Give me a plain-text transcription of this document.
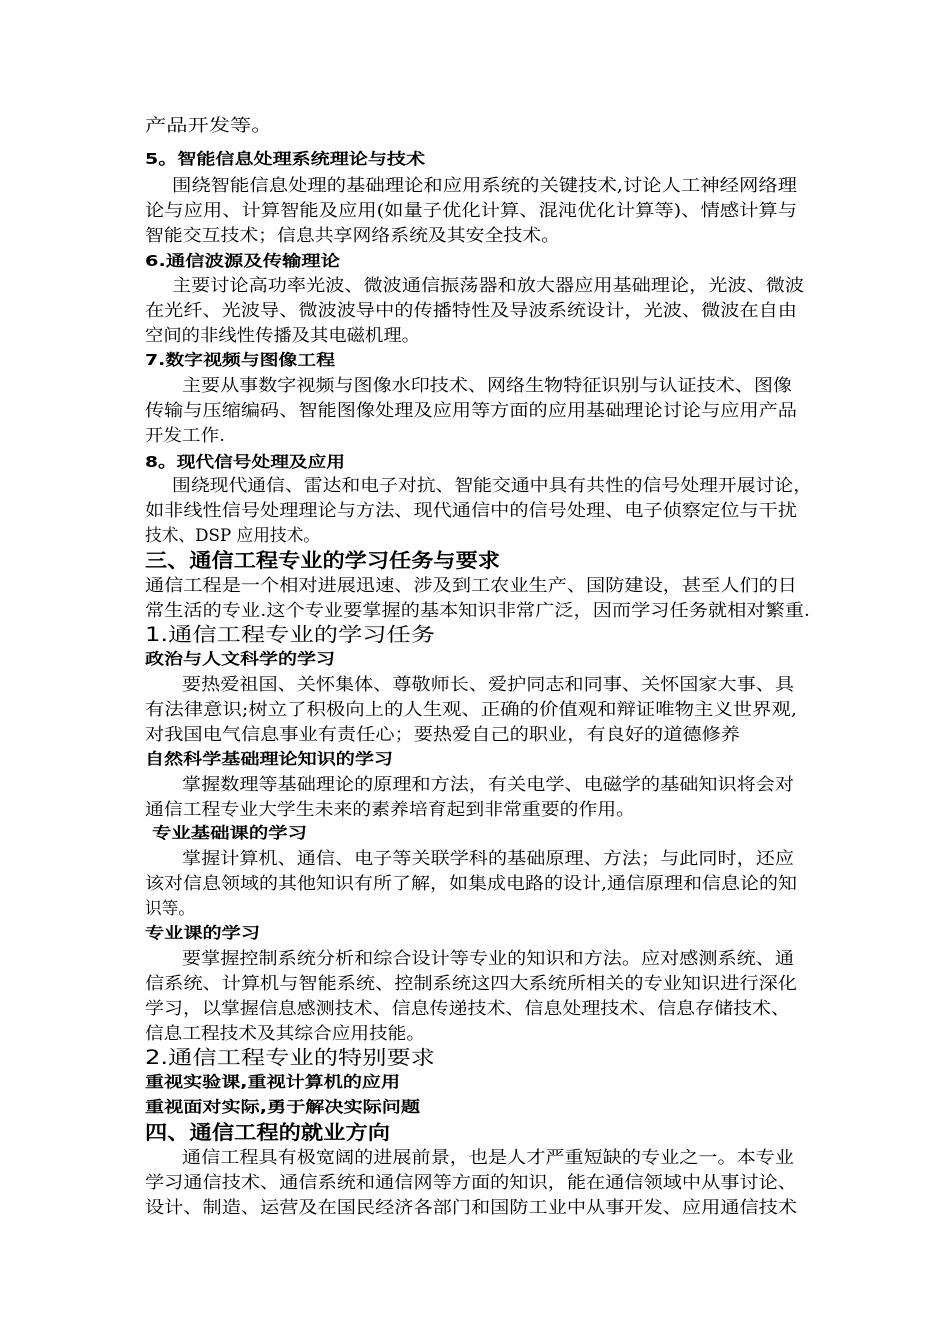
产品开发等。
5。智能信息处理系统理论与技术
围绕智能信息处理的基础理论和应用系统的关键技术,讨论人工神经网络理
论与应用、计算智能及应用(如量子优化计算、混沌优化计算等)、情感计算与
智能交互技术；信息共享网络系统及其安全技术。
6.通信波源及传输理论
主要讨论高功率光波、微波通信振荡器和放大器应用基础理论，光波、微波
在光纤、光波导、微波波导中的传播特性及导波系统设计，光波、微波在自由
空间的非线性传播及其电磁机理。
7.数字视频与图像工程
主要从事数字视频与图像水印技术、网络生物特征识别与认证技术、图像
传输与压缩编码、智能图像处理及应用等方面的应用基础理论讨论与应用产品
开发工作.
8。现代信号处理及应用
围绕现代通信、雷达和电子对抗、智能交通中具有共性的信号处理开展讨论，
如非线性信号处理理论与方法、现代通信中的信号处理、电子侦察定位与干扰
技术、DSP 应用技术。
三、通信工程专业的学习任务与要求
通信工程是一个相对进展迅速、涉及到工农业生产、国防建设，甚至人们的日
常生活的专业.这个专业要掌握的基本知识非常广泛，因而学习任务就相对繁重.
1.通信工程专业的学习任务
政治与人文科学的学习
要热爱祖国、关怀集体、尊敬师长、爱护同志和同事、关怀国家大事、具
有法律意识;树立了积极向上的人生观、正确的价值观和辩证唯物主义世界观,
对我国电气信息事业有责任心；要热爱自己的职业，有良好的道德修养
自然科学基础理论知识的学习
掌握数理等基础理论的原理和方法，有关电学、电磁学的基础知识将会对
通信工程专业大学生未来的素养培育起到非常重要的作用。
专业基础课的学习
掌握计算机、通信、电子等关联学科的基础原理、方法；与此同时，还应
该对信息领域的其他知识有所了解，如集成电路的设计,通信原理和信息论的知
识等。
专业课的学习
要掌握控制系统分析和综合设计等专业的知识和方法。应对感测系统、通
信系统、计算机与智能系统、控制系统这四大系统所相关的专业知识进行深化
学习，以掌握信息感测技术、信息传递技术、信息处理技术、信息存储技术、
信息工程技术及其综合应用技能。
2.通信工程专业的特别要求
重视实验课,重视计算机的应用
重视面对实际,勇于解决实际问题
四、通信工程的就业方向
通信工程具有极宽阔的进展前景，也是人才严重短缺的专业之一。本专业
学习通信技术、通信系统和通信网等方面的知识，能在通信领域中从事讨论、
设计、制造、运营及在国民经济各部门和国防工业中从事开发、应用通信技术
